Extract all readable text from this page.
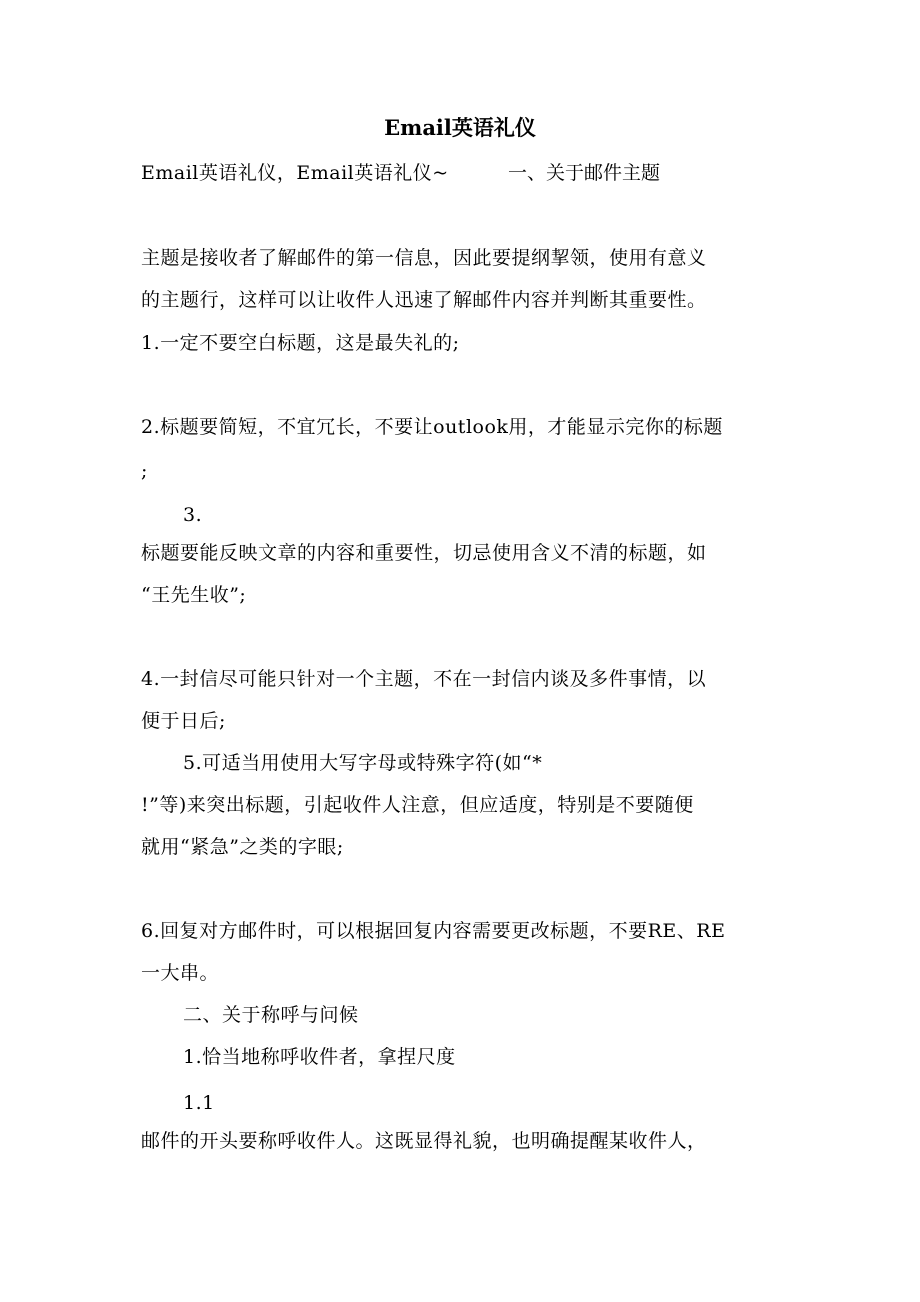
Email英语礼仪
Email英语礼仪，Email英语礼仪~	一、关于邮件主题
主题是接收者了解邮件的第一信息，因此要提纲挈领，使用有意义
的主题行，这样可以让收件人迅速了解邮件内容并判断其重要性。
1.一定不要空白标题，这是最失礼的;
2.标题要简短，不宜冗长，不要让outlook用，才能显示完你的标题
;
3.
标题要能反映文章的内容和重要性，切忌使用含义不清的标题，如
“王先生收”;
4.一封信尽可能只针对一个主题，不在一封信内谈及多件事情，以
便于日后;
5.可适当用使用大写字母或特殊字符(如“*
!”等)来突出标题，引起收件人注意，但应适度，特别是不要随便
就用“紧急”之类的字眼;
6.回复对方邮件时，可以根据回复内容需要更改标题，不要RE、RE
一大串。
二、关于称呼与问候
1.恰当地称呼收件者，拿捏尺度
1.1
邮件的开头要称呼收件人。这既显得礼貌，也明确提醒某收件人，
